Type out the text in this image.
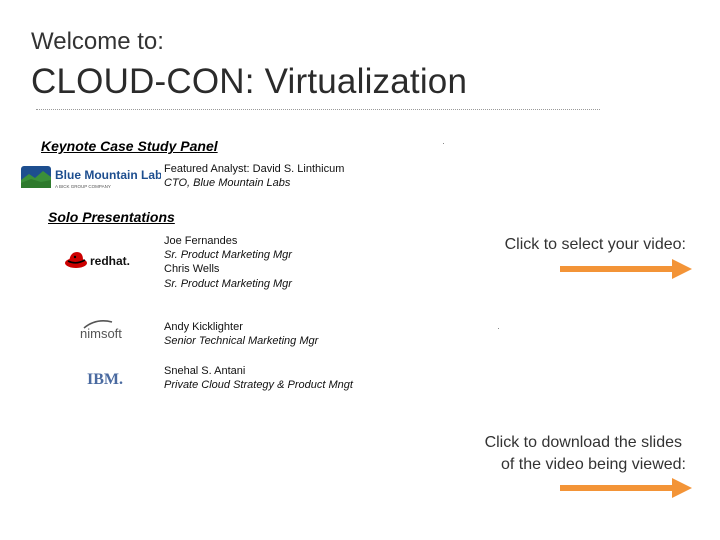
Welcome to:
CLOUD-CON: Virtualization
Keynote Case Study Panel
Blue Mountain Labs
A BICK GROUP COMPANY
Featured Analyst: David S. Linthicum
CTO, Blue Mountain Labs
Solo Presentations
redhat.
Joe Fernandes
Sr. Product Marketing Mgr
Chris Wells
Sr. Product Marketing Mgr
nimsoft	Andy Kicklighter
Senior Technical Marketing Mgr
IBM.	Snehal S. Antani
Private Cloud Strategy & Product Mngt
Click to select your video:
Click to download the slides
of the video being viewed:
